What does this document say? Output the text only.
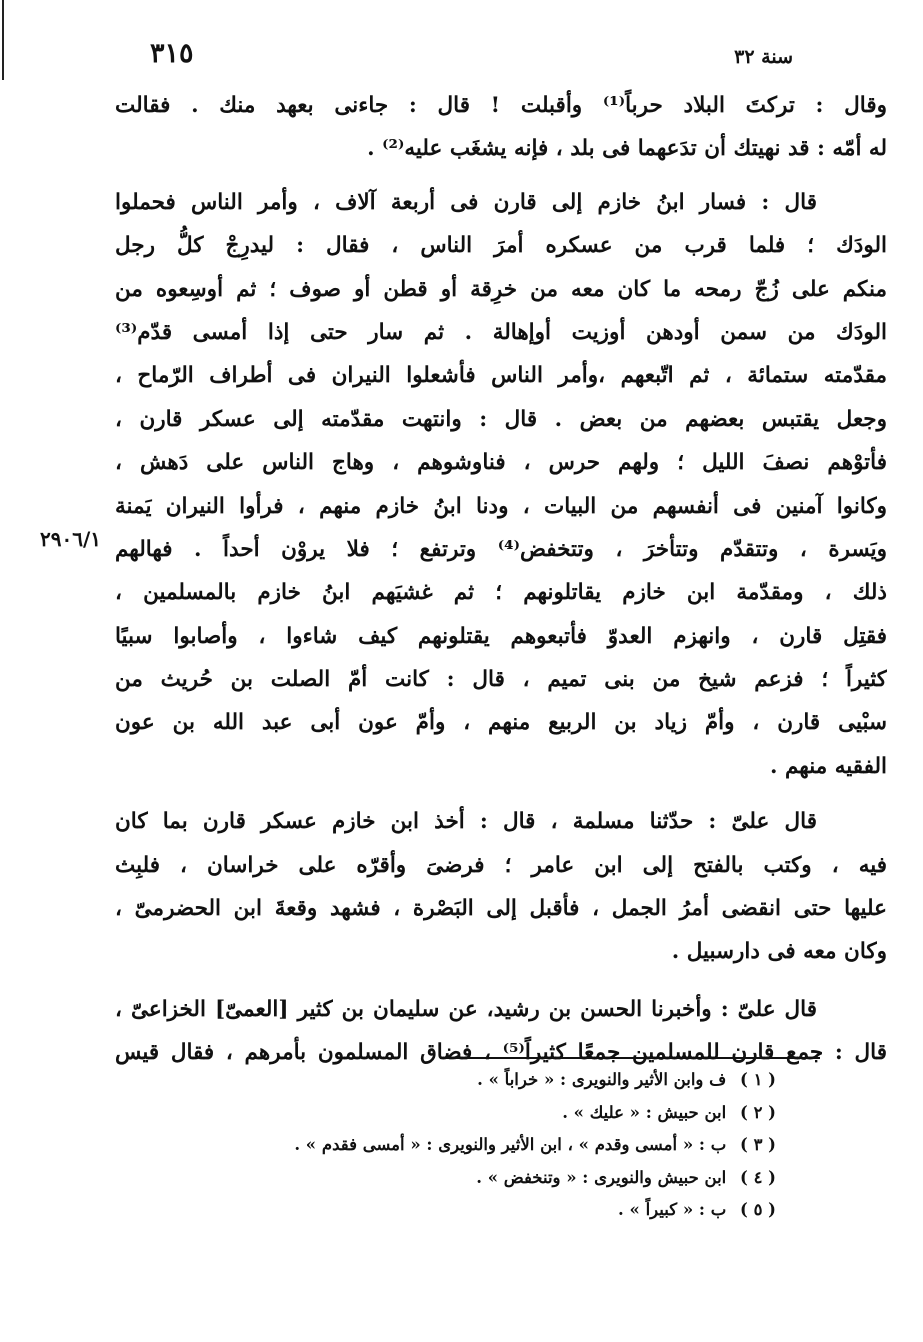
سنة ٣٢
٣١٥
٢٩٠٦/١
وقال : تركتَ البلاد حرباً⁽¹⁾ وأقبلت ! قال : جاءنى بعهد منك . فقالت
له أمّه : قد نهيتك أن تدَعهما فى بلد ، فإنه يشغَب عليه⁽²⁾ .
قال : فسار ابنُ خازم إلى قارن فى أربعة آلاف ، وأمر الناس فحملوا
الودَك ؛ فلما قرب من عسكره أمرَ الناس ، فقال : ليدرِجْ كلُّ رجل
منكم على زُجّ رمحه ما كان معه من خرِقة أو قطن أو صوف ؛ ثم أوسِعوه من
الودَك من سمن أودهن أوزيت أوإهالة . ثم سار حتى إذا أمسى قدّم⁽³⁾
مقدّمته ستمائة ، ثم اتّبعهم ،وأمر الناس فأشعلوا النيران فى أطراف الرّماح ،
وجعل يقتبس بعضهم من بعض . قال : وانتهت مقدّمته إلى عسكر قارن ،
فأتوْهم نصفَ الليل ؛ ولهم حرس ، فناوشوهم ، وهاج الناس على دَهش ،
وكانوا آمنين فى أنفسهم من البيات ، ودنا ابنُ خازم منهم ، فرأوا النيران يَمنة
ويَسرة ، وتتقدّم وتتأخرَ ، وتتخفض⁽⁴⁾ وترتفع ؛ فلا يروْن أحداً . فهالهم
ذلك ، ومقدّمة ابن خازم يقاتلونهم ؛ ثم غشيَهم ابنُ خازم بالمسلمين ،
فقتِل قارن ، وانهزم العدوّ فأتبعوهم يقتلونهم كيف شاءوا ، وأصابوا سبيًا
كثيراً ؛ فزعم شيخ من بنى تميم ، قال : كانت أمّ الصلت بن حُريث من
سبْيى قارن ، وأمّ زياد بن الربيع منهم ، وأمّ عون أبى عبد الله بن عون
الفقيه منهم .
قال علىّ : حدّثنا مسلمة ، قال : أخذ ابن خازم عسكر قارن بما كان
فيه ، وكتب بالفتح إلى ابن عامر ؛ فرضىَ وأقرّه على خراسان ، فلبِث
عليها حتى انقضى أمرُ الجمل ، فأقبل إلى البَصْرة ، فشهد وقعةَ ابن الحضرمىّ ،
وكان معه فى دارسبيل .
قال علىّ : وأخبرنا الحسن بن رشيد، عن سليمان بن كثير [العمىّ] الخزاعىّ ،
قال : جمع قارن للمسلمين جمعًا كثيراً⁽⁵⁾ ، فضاق المسلمون بأمرهم ، فقال قيس
( ١ ) ف وابن الأثير والنويرى : « خراباً » .
( ٢ ) ابن حبيش : « عليك » .
( ٣ ) ب : « أمسى وقدم » ، ابن الأثير والنويرى : « أمسى فقدم » .
( ٤ ) ابن حبيش والنويرى : « وتنخفض » .
( ٥ ) ب : « كبيراً » .
